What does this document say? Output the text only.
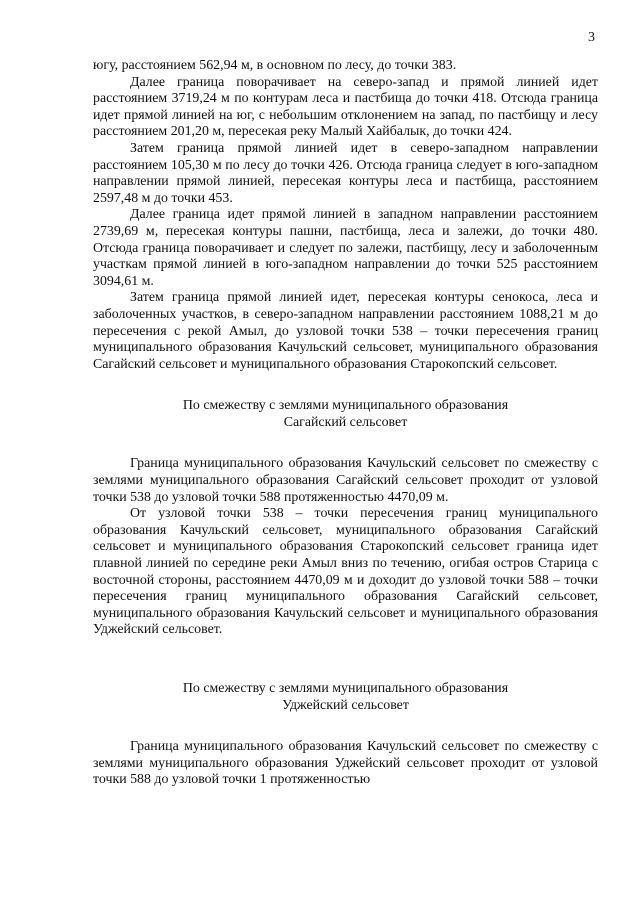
3

югу, расстоянием 562,94 м, в основном по лесу, до точки 383.

Далее граница поворачивает на северо-запад и прямой линией идет расстоянием 3719,24 м по контурам леса и пастбища до точки 418. Отсюда граница идет прямой линией на юг, с небольшим отклонением на запад, по пастбищу и лесу расстоянием 201,20 м, пересекая реку Малый Хайбалык, до точки 424.

Затем граница прямой линией идет в северо-западном направлении расстоянием 105,30 м по лесу до точки 426. Отсюда граница следует в юго-западном направлении прямой линией, пересекая контуры леса и пастбища, расстоянием 2597,48 м до точки 453.

Далее граница идет прямой линией в западном направлении расстоянием 2739,69 м, пересекая контуры пашни, пастбища, леса и залежи, до точки 480. Отсюда граница поворачивает и следует по залежи, пастбищу, лесу и заболоченным участкам прямой линией в юго-западном направлении до точки 525 расстоянием 3094,61 м.

Затем граница прямой линией идет, пересекая контуры сенокоса, леса и заболоченных участков, в северо-западном направлении расстоянием 1088,21 м до пересечения с рекой Амыл, до узловой точки 538 – точки пересечения границ муниципального образования Качульский сельсовет, муниципального образования Сагайский сельсовет и муниципального образования Старокопский сельсовет.

По смежеству с землями муниципального образования
Сагайский сельсовет

Граница муниципального образования Качульский сельсовет по смежеству с землями муниципального образования Сагайский сельсовет проходит от узловой точки 538 до узловой точки 588 протяженностью 4470,09 м.

От узловой точки 538 – точки пересечения границ муниципального образования Качульский сельсовет, муниципального образования Сагайский сельсовет и муниципального образования Старокопский сельсовет граница идет плавной линией по середине реки Амыл вниз по течению, огибая остров Старица с восточной стороны, расстоянием 4470,09 м и доходит до узловой точки 588 – точки пересечения границ муниципального образования Сагайский сельсовет, муниципального образования Качульский сельсовет и муниципального образования Уджейский сельсовет.

По смежеству с землями муниципального образования
Уджейский сельсовет

Граница муниципального образования Качульский сельсовет по смежеству с землями муниципального образования Уджейский сельсовет проходит от узловой точки 588 до узловой точки 1 протяженностью
